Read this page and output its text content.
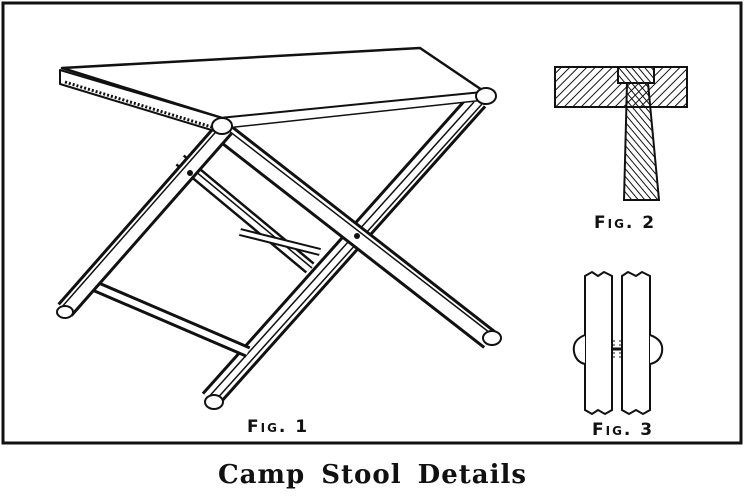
Fig. 1
Fig. 2
Fig. 3
Camp Stool Details
